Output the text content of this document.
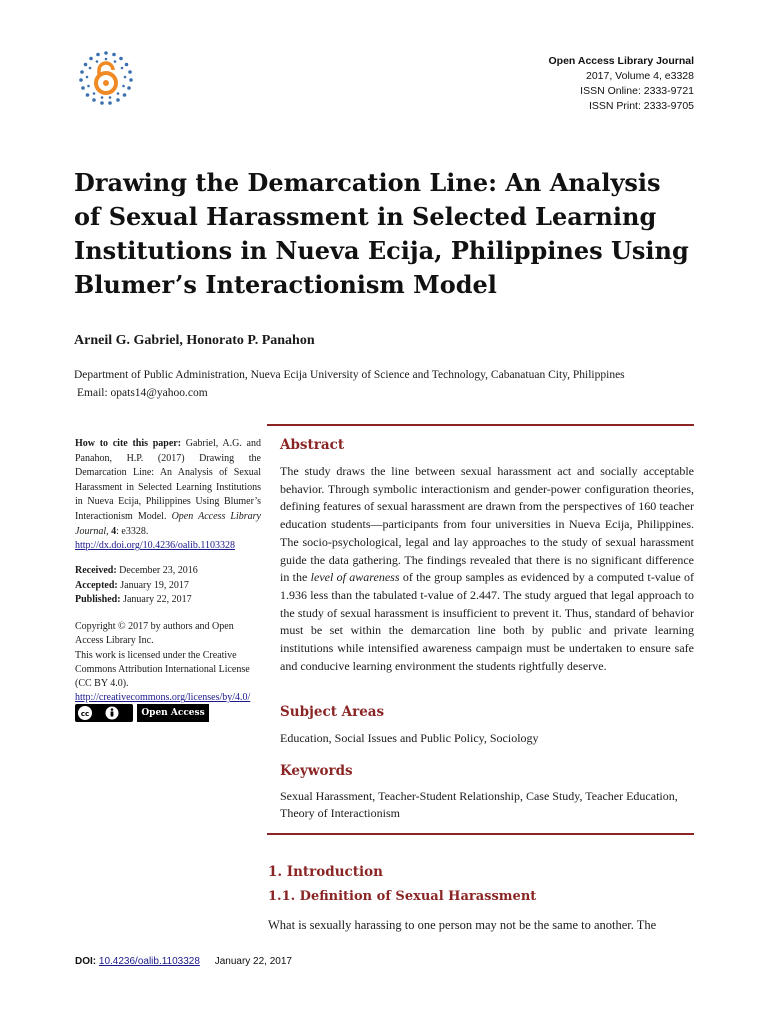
Open Access Library Journal
2017, Volume 4, e3328
ISSN Online: 2333-9721
ISSN Print: 2333-9705
Drawing the Demarcation Line: An Analysis of Sexual Harassment in Selected Learning Institutions in Nueva Ecija, Philippines Using Blumer’s Interactionism Model
Arneil G. Gabriel, Honorato P. Panahon
Department of Public Administration, Nueva Ecija University of Science and Technology, Cabanatuan City, Philippines
Email: opats14@yahoo.com

How to cite this paper: Gabriel, A.G. and Panahon, H.P. (2017) Drawing the Demarcation Line: An Analysis of Sexual Harassment in Selected Learning Institutions in Nueva Ecija, Philippines Using Blumer’s Interactionism Model. Open Access Library Journal, 4: e3328.

http://dx.doi.org/10.4236/oalib.1103328

Received: December 23, 2016

Accepted: January 19, 2017

Published: January 22, 2017

Copyright © 2017 by authors and Open Access Library Inc.

This work is licensed under the Creative Commons Attribution International License (CC BY 4.0).

http://creativecommons.org/licenses/by/4.0/

cc	Open Access
Abstract

The study draws the line between sexual harassment act and socially acceptable behavior. Through symbolic interactionism and gender-power configuration theories, defining features of sexual harassment are drawn from the perspectives of 160 teacher education students—participants from four universities in Nueva Ecija, Philippines. The socio-psychological, legal and lay approaches to the study of sexual harassment guide the data gathering. The findings revealed that there is no significant difference in the level of awareness of the group samples as evidenced by a computed t-value of 1.936 less than the tabulated t-value of 2.447. The study argued that legal approach to the study of sexual harassment is insufficient to prevent it. Thus, standard of behavior must be set within the demarcation line both by public and private learning institutions while intensified awareness campaign must be undertaken to ensure safe and conducive learning environment the students rightfully deserve.

Subject Areas

Education, Social Issues and Public Policy, Sociology

Keywords

Sexual Harassment, Teacher-Student Relationship, Case Study, Teacher Education, Theory of Interactionism

1. Introduction
1.1. Definition of Sexual Harassment

What is sexually harassing to one person may not be the same to another. The

DOI: 10.4236/oalib.1103328 January 22, 2017
